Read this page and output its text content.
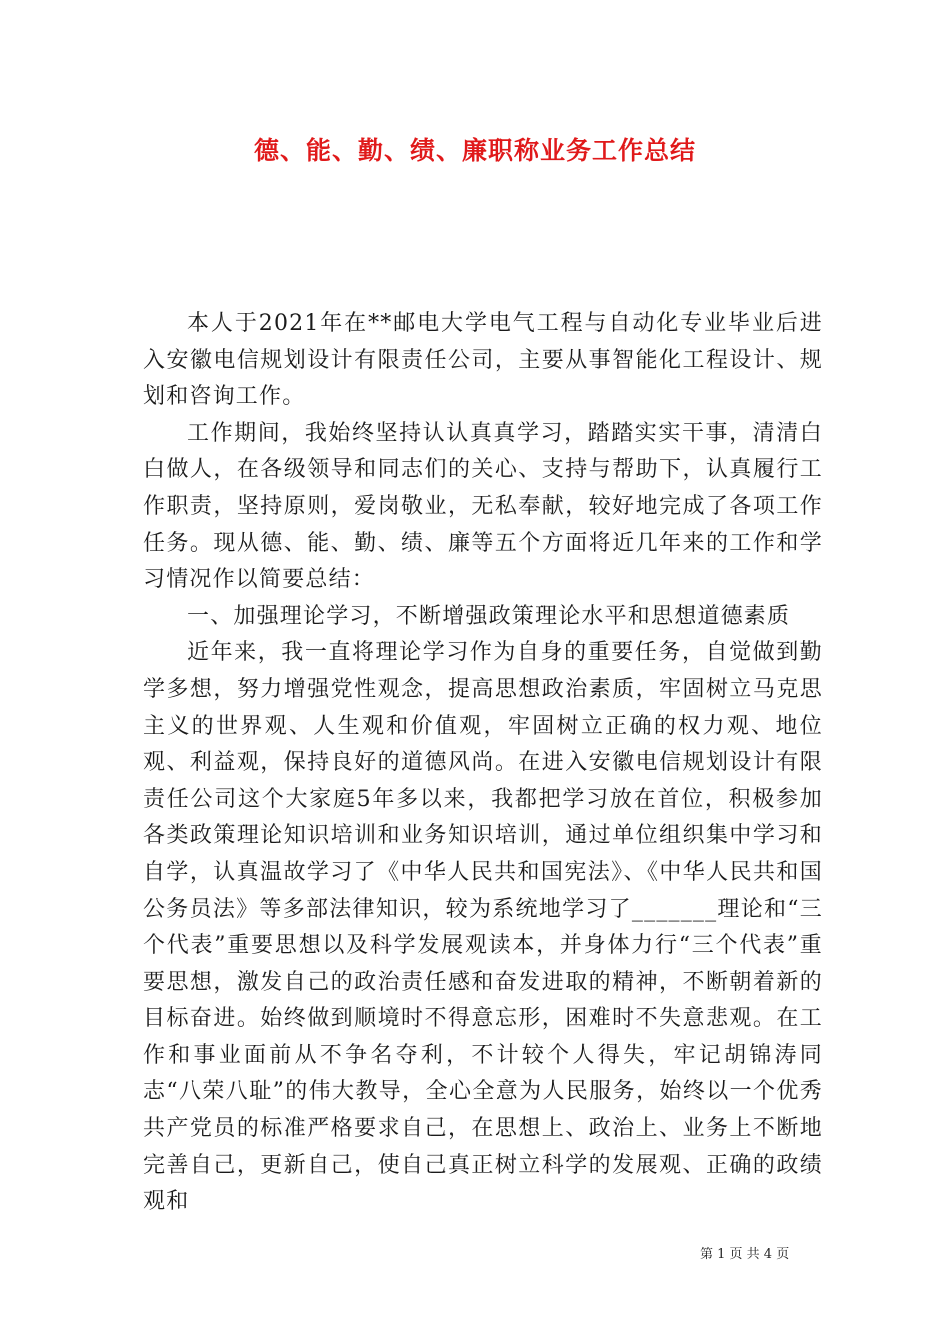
德、能、勤、绩、廉职称业务工作总结

本人于2021年在**邮电大学电气工程与自动化专业毕业后进入安徽电信规划设计有限责任公司，主要从事智能化工程设计、规划和咨询工作。

工作期间，我始终坚持认认真真学习，踏踏实实干事，清清白白做人，在各级领导和同志们的关心、支持与帮助下，认真履行工作职责，坚持原则，爱岗敬业，无私奉献，较好地完成了各项工作任务。现从德、能、勤、绩、廉等五个方面将近几年来的工作和学习情况作以简要总结：

一、加强理论学习，不断增强政策理论水平和思想道德素质

近年来，我一直将理论学习作为自身的重要任务，自觉做到勤学多想，努力增强党性观念，提高思想政治素质，牢固树立马克思主义的世界观、人生观和价值观，牢固树立正确的权力观、地位观、利益观，保持良好的道德风尚。在进入安徽电信规划设计有限责任公司这个大家庭5年多以来，我都把学习放在首位，积极参加各类政策理论知识培训和业务知识培训，通过单位组织集中学习和自学，认真温故学习了《中华人民共和国宪法》、《中华人民共和国公务员法》等多部法律知识，较为系统地学习了_______理论和“三个代表”重要思想以及科学发展观读本，并身体力行“三个代表”重要思想，激发自己的政治责任感和奋发进取的精神，不断朝着新的目标奋进。始终做到顺境时不得意忘形，困难时不失意悲观。在工作和事业面前从不争名夺利，不计较个人得失，牢记胡锦涛同志“八荣八耻”的伟大教导，全心全意为人民服务，始终以一个优秀共产党员的标准严格要求自己，在思想上、政治上、业务上不断地完善自己，更新自己，使自己真正树立科学的发展观、正确的政绩观和

第 1 页 共 4 页
